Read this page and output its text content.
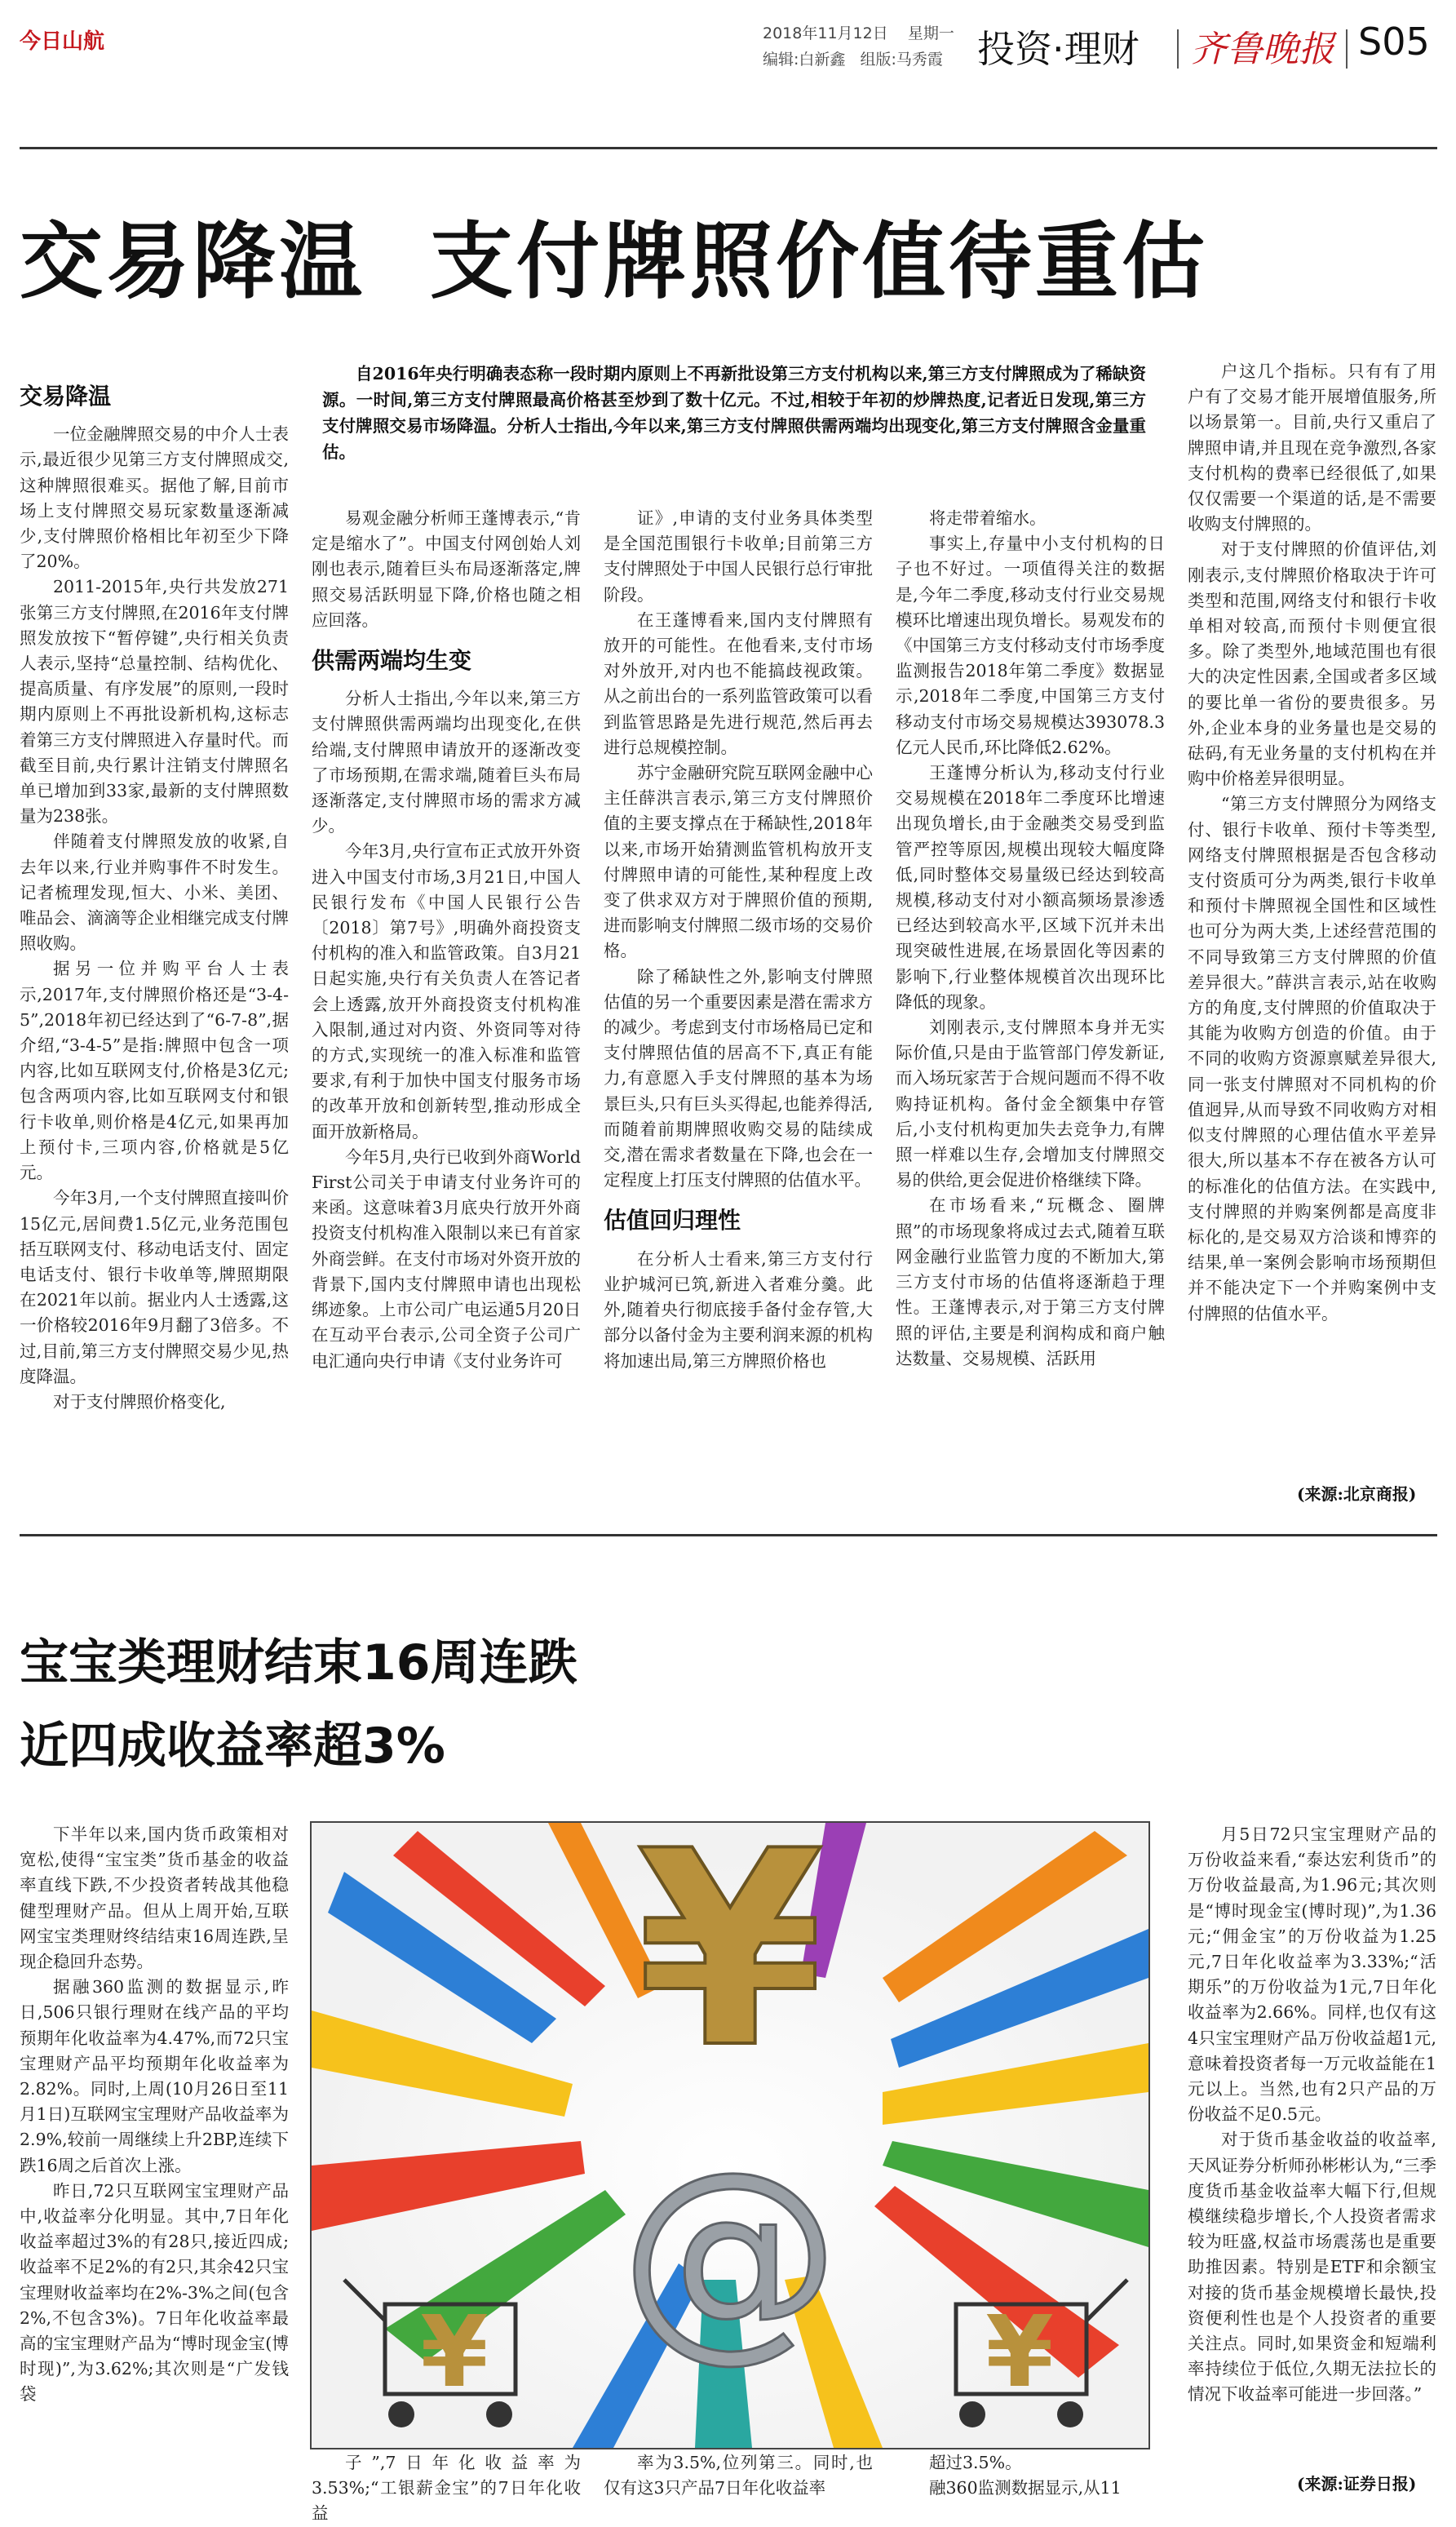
今日山航	2018年11月12日 星期一
编辑:白新鑫 组版:马秀霞 投资·理财 齐鲁晚报 S05
交易降温  支付牌照价值待重估
自2016年央行明确表态称一段时期内原则上不再新批设第三方支付机构以来,第三方支付牌照成为了稀缺资源。一时间,第三方支付牌照最高价格甚至炒到了数十亿元。不过,相较于年初的炒牌热度,记者近日发现,第三方支付牌照交易市场降温。分析人士指出,今年以来,第三方支付牌照供需两端均出现变化,第三方支付牌照含金量重估。
交易降温

一位金融牌照交易的中介人士表示,最近很少见第三方支付牌照成交,这种牌照很难买。据他了解,目前市场上支付牌照交易玩家数量逐渐减少,支付牌照价格相比年初至少下降了20%。

2011-2015年,央行共发放271张第三方支付牌照,在2016年支付牌照发放按下“暂停键”,央行相关负责人表示,坚持“总量控制、结构优化、提高质量、有序发展”的原则,一段时期内原则上不再批设新机构,这标志着第三方支付牌照进入存量时代。而截至目前,央行累计注销支付牌照名单已增加到33家,最新的支付牌照数量为238张。

伴随着支付牌照发放的收紧,自去年以来,行业并购事件不时发生。记者梳理发现,恒大、小米、美团、唯品会、滴滴等企业相继完成支付牌照收购。

据另一位并购平台人士表示,2017年,支付牌照价格还是“3-4-5”,2018年初已经达到了“6-7-8”,据介绍,“3-4-5”是指:牌照中包含一项内容,比如互联网支付,价格是3亿元;包含两项内容,比如互联网支付和银行卡收单,则价格是4亿元,如果再加上预付卡,三项内容,价格就是5亿元。

今年3月,一个支付牌照直接叫价15亿元,居间费1.5亿元,业务范围包括互联网支付、移动电话支付、固定电话支付、银行卡收单等,牌照期限在2021年以前。据业内人士透露,这一价格较2016年9月翻了3倍多。不过,目前,第三方支付牌照交易少见,热度降温。

对于支付牌照价格变化,

易观金融分析师王蓬博表示,“肯定是缩水了”。中国支付网创始人刘刚也表示,随着巨头布局逐渐落定,牌照交易活跃明显下降,价格也随之相应回落。

供需两端均生变

分析人士指出,今年以来,第三方支付牌照供需两端均出现变化,在供给端,支付牌照申请放开的逐渐改变了市场预期,在需求端,随着巨头布局逐渐落定,支付牌照市场的需求方减少。

今年3月,央行宣布正式放开外资进入中国支付市场,3月21日,中国人民银行发布《中国人民银行公告〔2018〕第7号》,明确外商投资支付机构的准入和监管政策。自3月21日起实施,央行有关负责人在答记者会上透露,放开外商投资支付机构准入限制,通过对内资、外资同等对待的方式,实现统一的准入标准和监管要求,有利于加快中国支付服务市场的改革开放和创新转型,推动形成全面开放新格局。

今年5月,央行已收到外商World First公司关于申请支付业务许可的来函。这意味着3月底央行放开外商投资支付机构准入限制以来已有首家外商尝鲜。在支付市场对外资开放的背景下,国内支付牌照申请也出现松绑迹象。上市公司广电运通5月20日在互动平台表示,公司全资子公司广电汇通向央行申请《支付业务许可

证》,申请的支付业务具体类型是全国范围银行卡收单;目前第三方支付牌照处于中国人民银行总行审批阶段。

在王蓬博看来,国内支付牌照有放开的可能性。在他看来,支付市场对外放开,对内也不能搞歧视政策。从之前出台的一系列监管政策可以看到监管思路是先进行规范,然后再去进行总规模控制。

苏宁金融研究院互联网金融中心主任薛洪言表示,第三方支付牌照价值的主要支撑点在于稀缺性,2018年以来,市场开始猜测监管机构放开支付牌照申请的可能性,某种程度上改变了供求双方对于牌照价值的预期,进而影响支付牌照二级市场的交易价格。

除了稀缺性之外,影响支付牌照估值的另一个重要因素是潜在需求方的减少。考虑到支付市场格局已定和支付牌照估值的居高不下,真正有能力,有意愿入手支付牌照的基本为场景巨头,只有巨头买得起,也能养得活,而随着前期牌照收购交易的陆续成交,潜在需求者数量在下降,也会在一定程度上打压支付牌照的估值水平。

估值回归理性

在分析人士看来,第三方支付行业护城河已筑,新进入者难分羹。此外,随着央行彻底接手备付金存管,大部分以备付金为主要利润来源的机构将加速出局,第三方牌照价格也

将走带着缩水。

事实上,存量中小支付机构的日子也不好过。一项值得关注的数据是,今年二季度,移动支付行业交易规模环比增速出现负增长。易观发布的《中国第三方支付移动支付市场季度监测报告2018年第二季度》数据显示,2018年二季度,中国第三方支付移动支付市场交易规模达393078.3亿元人民币,环比降低2.62%。

王蓬博分析认为,移动支付行业交易规模在2018年二季度环比增速出现负增长,由于金融类交易受到监管严控等原因,规模出现较大幅度降低,同时整体交易量级已经达到较高规模,移动支付对小额高频场景渗透已经达到较高水平,区域下沉并未出现突破性进展,在场景固化等因素的影响下,行业整体规模首次出现环比降低的现象。

刘刚表示,支付牌照本身并无实际价值,只是由于监管部门停发新证,而入场玩家苦于合规问题而不得不收购持证机构。备付金全额集中存管后,小支付机构更加失去竞争力,有牌照一样难以生存,会增加支付牌照交易的供给,更会促进价格继续下降。

在市场看来,“玩概念、圈牌照”的市场现象将成过去式,随着互联网金融行业监管力度的不断加大,第三方支付市场的估值将逐渐趋于理性。王蓬博表示,对于第三方支付牌照的评估,主要是利润构成和商户触达数量、交易规模、活跃用

户这几个指标。只有有了用户有了交易才能开展增值服务,所以场景第一。目前,央行又重启了牌照申请,并且现在竞争激烈,各家支付机构的费率已经很低了,如果仅仅需要一个渠道的话,是不需要收购支付牌照的。

对于支付牌照的价值评估,刘刚表示,支付牌照价格取决于许可类型和范围,网络支付和银行卡收单相对较高,而预付卡则便宜很多。除了类型外,地域范围也有很大的决定性因素,全国或者多区域的要比单一省份的要贵很多。另外,企业本身的业务量也是交易的砝码,有无业务量的支付机构在并购中价格差异很明显。

“第三方支付牌照分为网络支付、银行卡收单、预付卡等类型,网络支付牌照根据是否包含移动支付资质可分为两类,银行卡收单和预付卡牌照视全国性和区域性也可分为两大类,上述经营范围的不同导致第三方支付牌照的价值差异很大。”薛洪言表示,站在收购方的角度,支付牌照的价值取决于其能为收购方创造的价值。由于不同的收购方资源禀赋差异很大,同一张支付牌照对不同机构的价值迥异,从而导致不同收购方对相似支付牌照的心理估值水平差异很大,所以基本不存在被各方认可的标准化的估值方法。在实践中,支付牌照的并购案例都是高度非标化的,是交易双方洽谈和博弈的结果,单一案例会影响市场预期但并不能决定下一个并购案例中支付牌照的估值水平。

(来源:北京商报)
宝宝类理财结束16周连跌
近四成收益率超3%

下半年以来,国内货币政策相对宽松,使得“宝宝类”货币基金的收益率直线下跌,不少投资者转战其他稳健型理财产品。但从上周开始,互联网宝宝类理财终结结束16周连跌,呈现企稳回升态势。

据融360监测的数据显示,昨日,506只银行理财在线产品的平均预期年化收益率为4.47%,而72只宝宝理财产品平均预期年化收益率为2.82%。同时,上周(10月26日至11月1日)互联网宝宝理财产品收益率为2.9%,较前一周继续上升2BP,连续下跌16周之后首次上涨。

昨日,72只互联网宝宝理财产品中,收益率分化明显。其中,7日年化收益率超过3%的有28只,接近四成;收益率不足2%的有2只,其余42只宝宝理财收益率均在2%-3%之间(包含2%,不包含3%)。7日年化收益率最高的宝宝理财产品为“博时现金宝(博时现)”,为3.62%;其次则是“广发钱袋

¥
@
¥	¥

子”,7日年化收益率为3.53%;“工银薪金宝”的7日年化收益

率为3.5%,位列第三。同时,也仅有这3只产品7日年化收益率

超过3.5%。

融360监测数据显示,从11

月5日72只宝宝理财产品的万份收益来看,“泰达宏利货币”的万份收益最高,为1.96元;其次则是“博时现金宝(博时现)”,为1.36元;“佣金宝”的万份收益为1.25元,7日年化收益率为3.33%;“活期乐”的万份收益为1元,7日年化收益率为2.66%。同样,也仅有这4只宝宝理财产品万份收益超1元,意味着投资者每一万元收益能在1元以上。当然,也有2只产品的万份收益不足0.5元。

对于货币基金收益的收益率,天风证券分析师孙彬彬认为,“三季度货币基金收益率大幅下行,但规模继续稳步增长,个人投资者需求较为旺盛,权益市场震荡也是重要助推因素。特别是ETF和余额宝对接的货币基金规模增长最快,投资便利性也是个人投资者的重要关注点。同时,如果资金和短端利率持续位于低位,久期无法拉长的情况下收益率可能进一步回落。”

(来源:证券日报)
